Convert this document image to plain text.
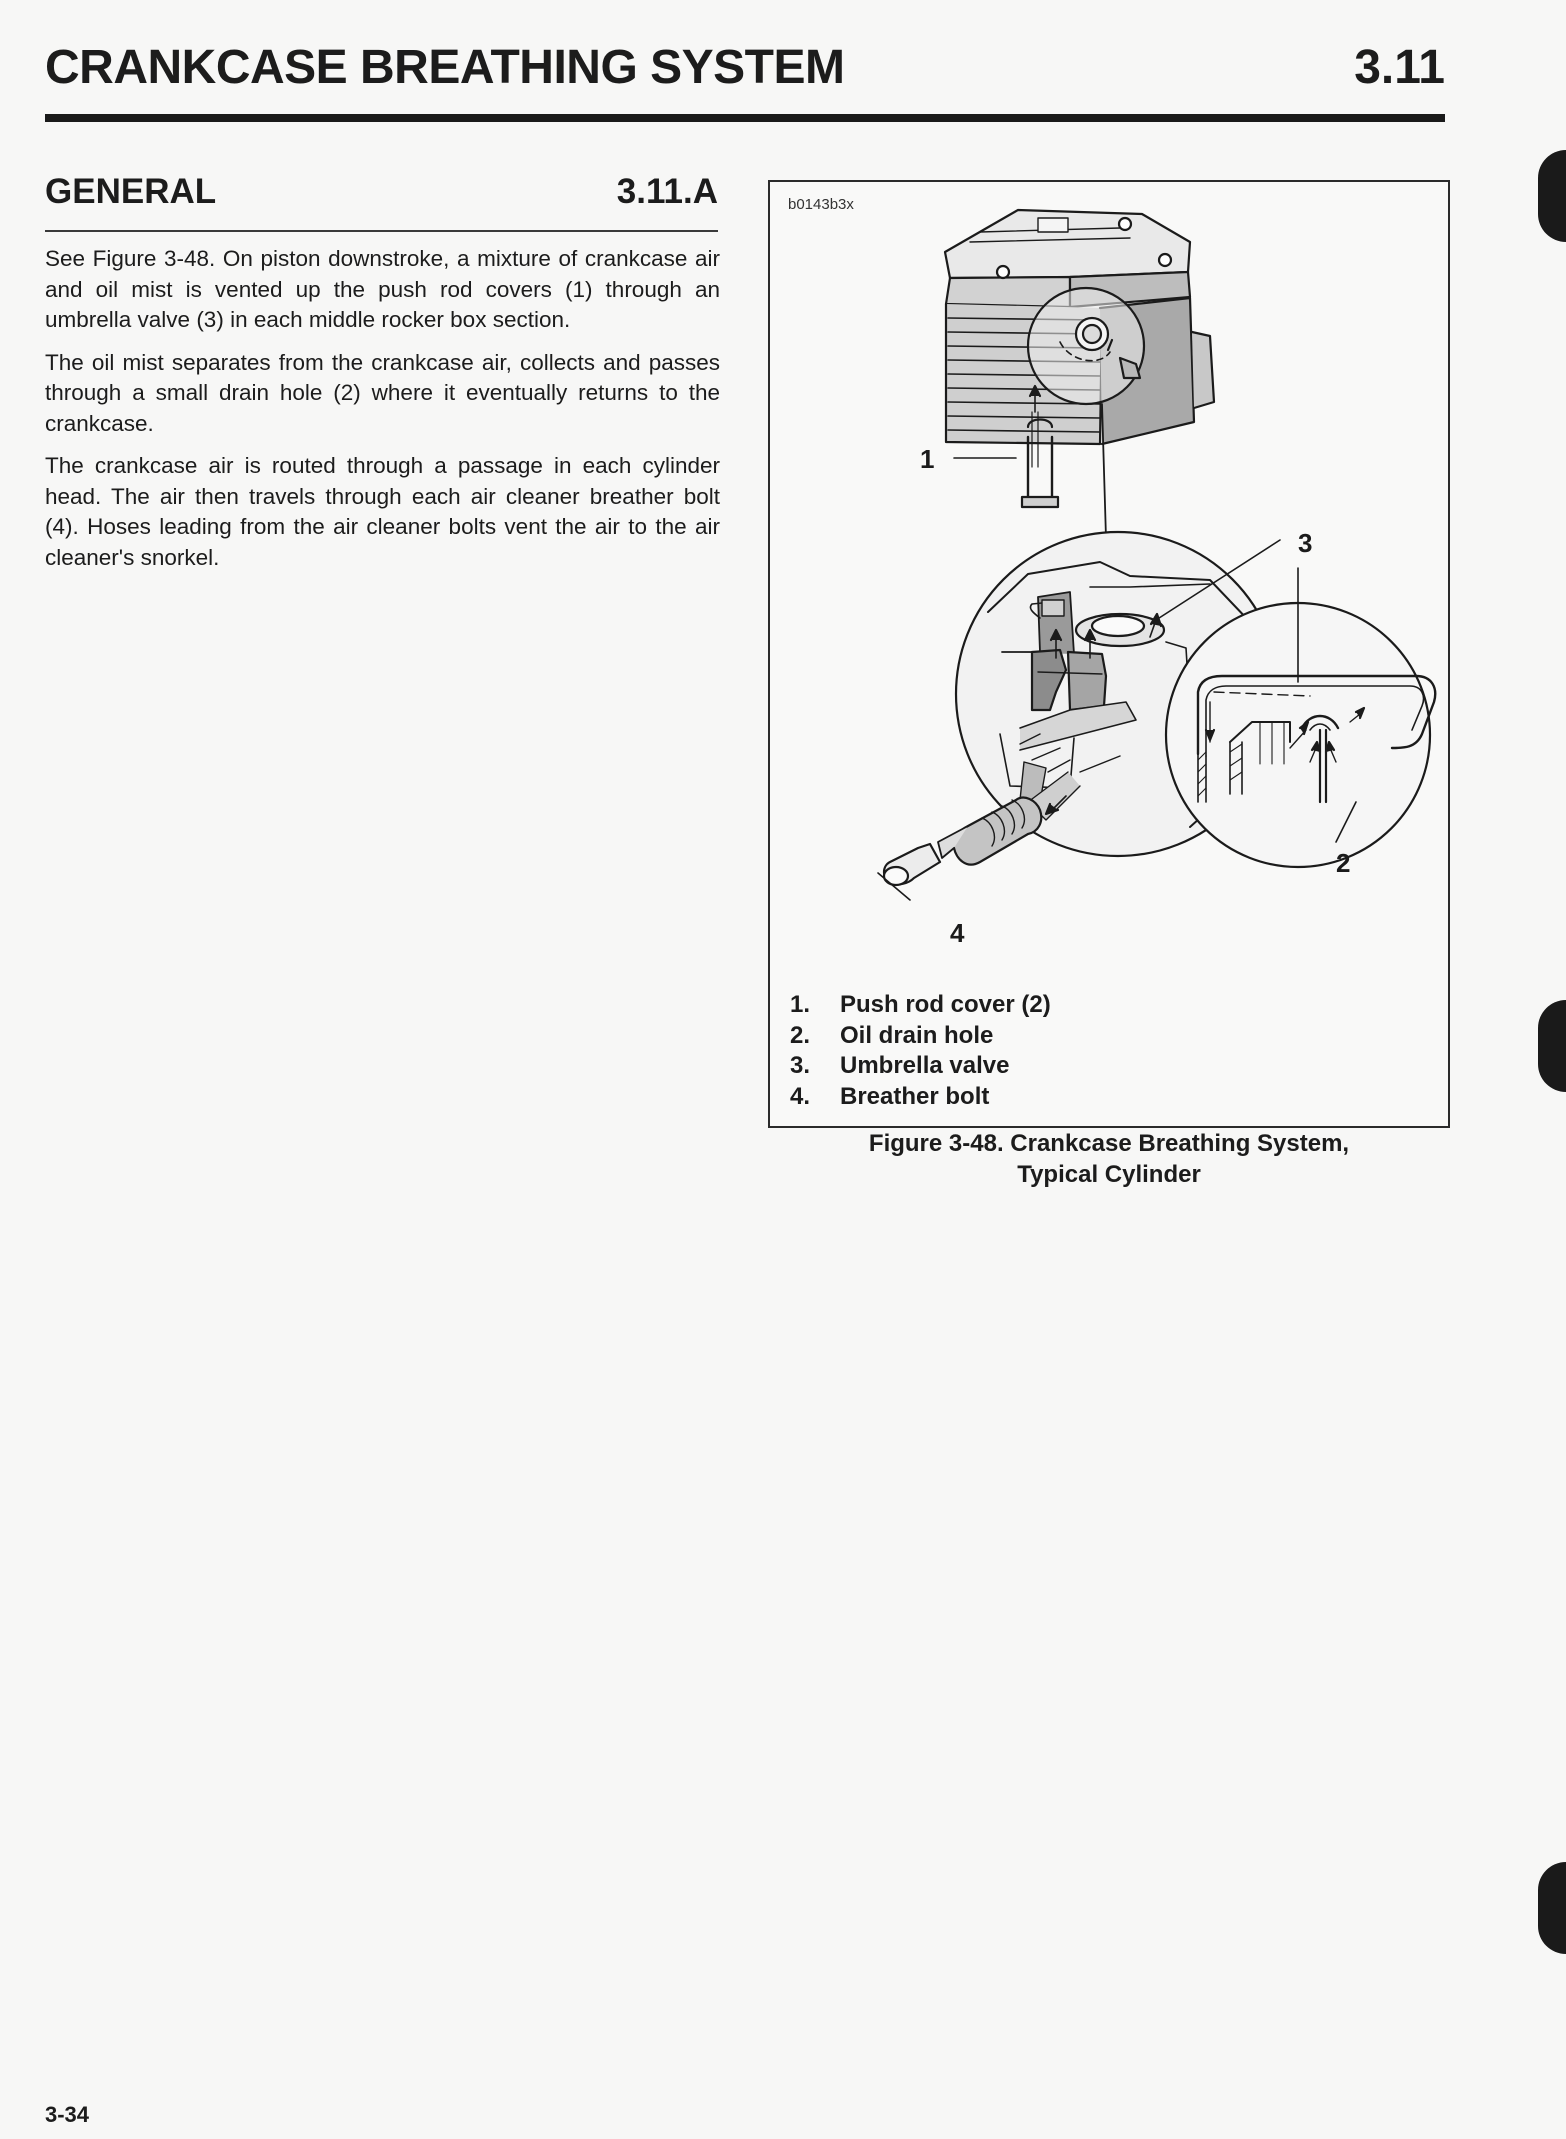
CRANKCASE BREATHING SYSTEM	3.11
GENERAL	3.11.A

See Figure 3-48. On piston downstroke, a mixture of crankcase air and oil mist is vented up the push rod covers (1) through an umbrella valve (3) in each middle rocker box section.

The oil mist separates from the crankcase air, collects and passes through a small drain hole (2) where it eventually returns to the crankcase.

The crankcase air is routed through a passage in each cylinder head. The air then travels through each air cleaner breather bolt (4). Hoses leading from the air cleaner bolts vent the air to the air cleaner's snorkel.

b0143b3x
1
3
2
4
1.	Push rod cover (2)
2.	Oil drain hole
3.	Umbrella valve
4.	Breather bolt
Figure 3-48. Crankcase Breathing System,
Typical Cylinder
3-34
